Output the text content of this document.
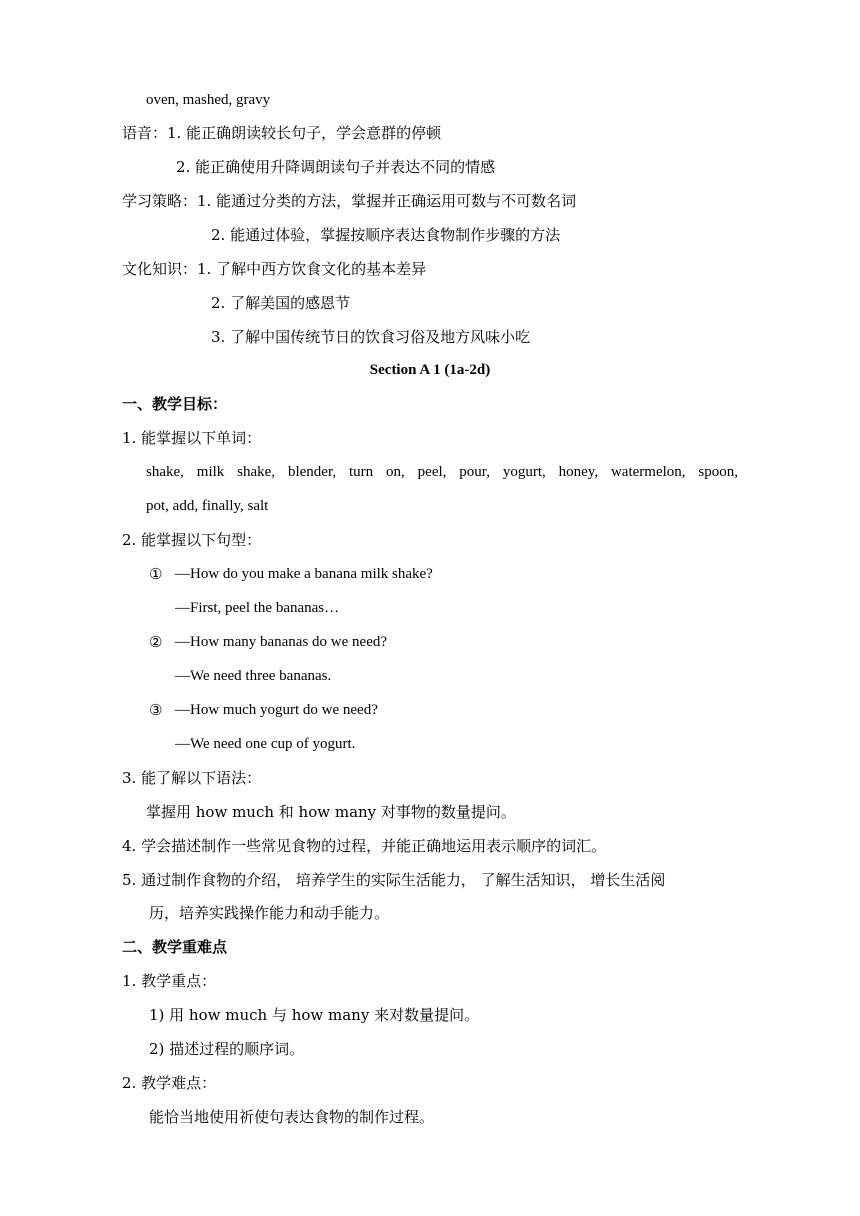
oven, mashed, gravy
语音：1. 能正确朗读较长句子，学会意群的停顿
2. 能正确使用升降调朗读句子并表达不同的情感
学习策略：1. 能通过分类的方法，掌握并正确运用可数与不可数名词
2. 能通过体验，掌握按顺序表达食物制作步骤的方法
文化知识：1. 了解中西方饮食文化的基本差异
2. 了解美国的感恩节
3. 了解中国传统节日的饮食习俗及地方风味小吃
Section A 1 (1a-2d)
一、教学目标：
1. 能掌握以下单词：
shake, milk shake, blender, turn on, peel, pour, yogurt, honey, watermelon, spoon,
pot, add, finally, salt
2. 能掌握以下句型：
① —How do you make a banana milk shake?
—First, peel the bananas…
② —How many bananas do we need?
—We need three bananas.
③ —How much yogurt do we need?
—We need one cup of yogurt.
3. 能了解以下语法：
掌握用 how much 和 how many 对事物的数量提问。
4. 学会描述制作一些常见食物的过程，并能正确地运用表示顺序的词汇。
5. 通过制作食物的介绍， 培养学生的实际生活能力， 了解生活知识， 增长生活阅
历，培养实践操作能力和动手能力。
二、教学重难点
1. 教学重点：
1) 用 how much 与 how many 来对数量提问。
2) 描述过程的顺序词。
2. 教学难点：
能恰当地使用祈使句表达食物的制作过程。
